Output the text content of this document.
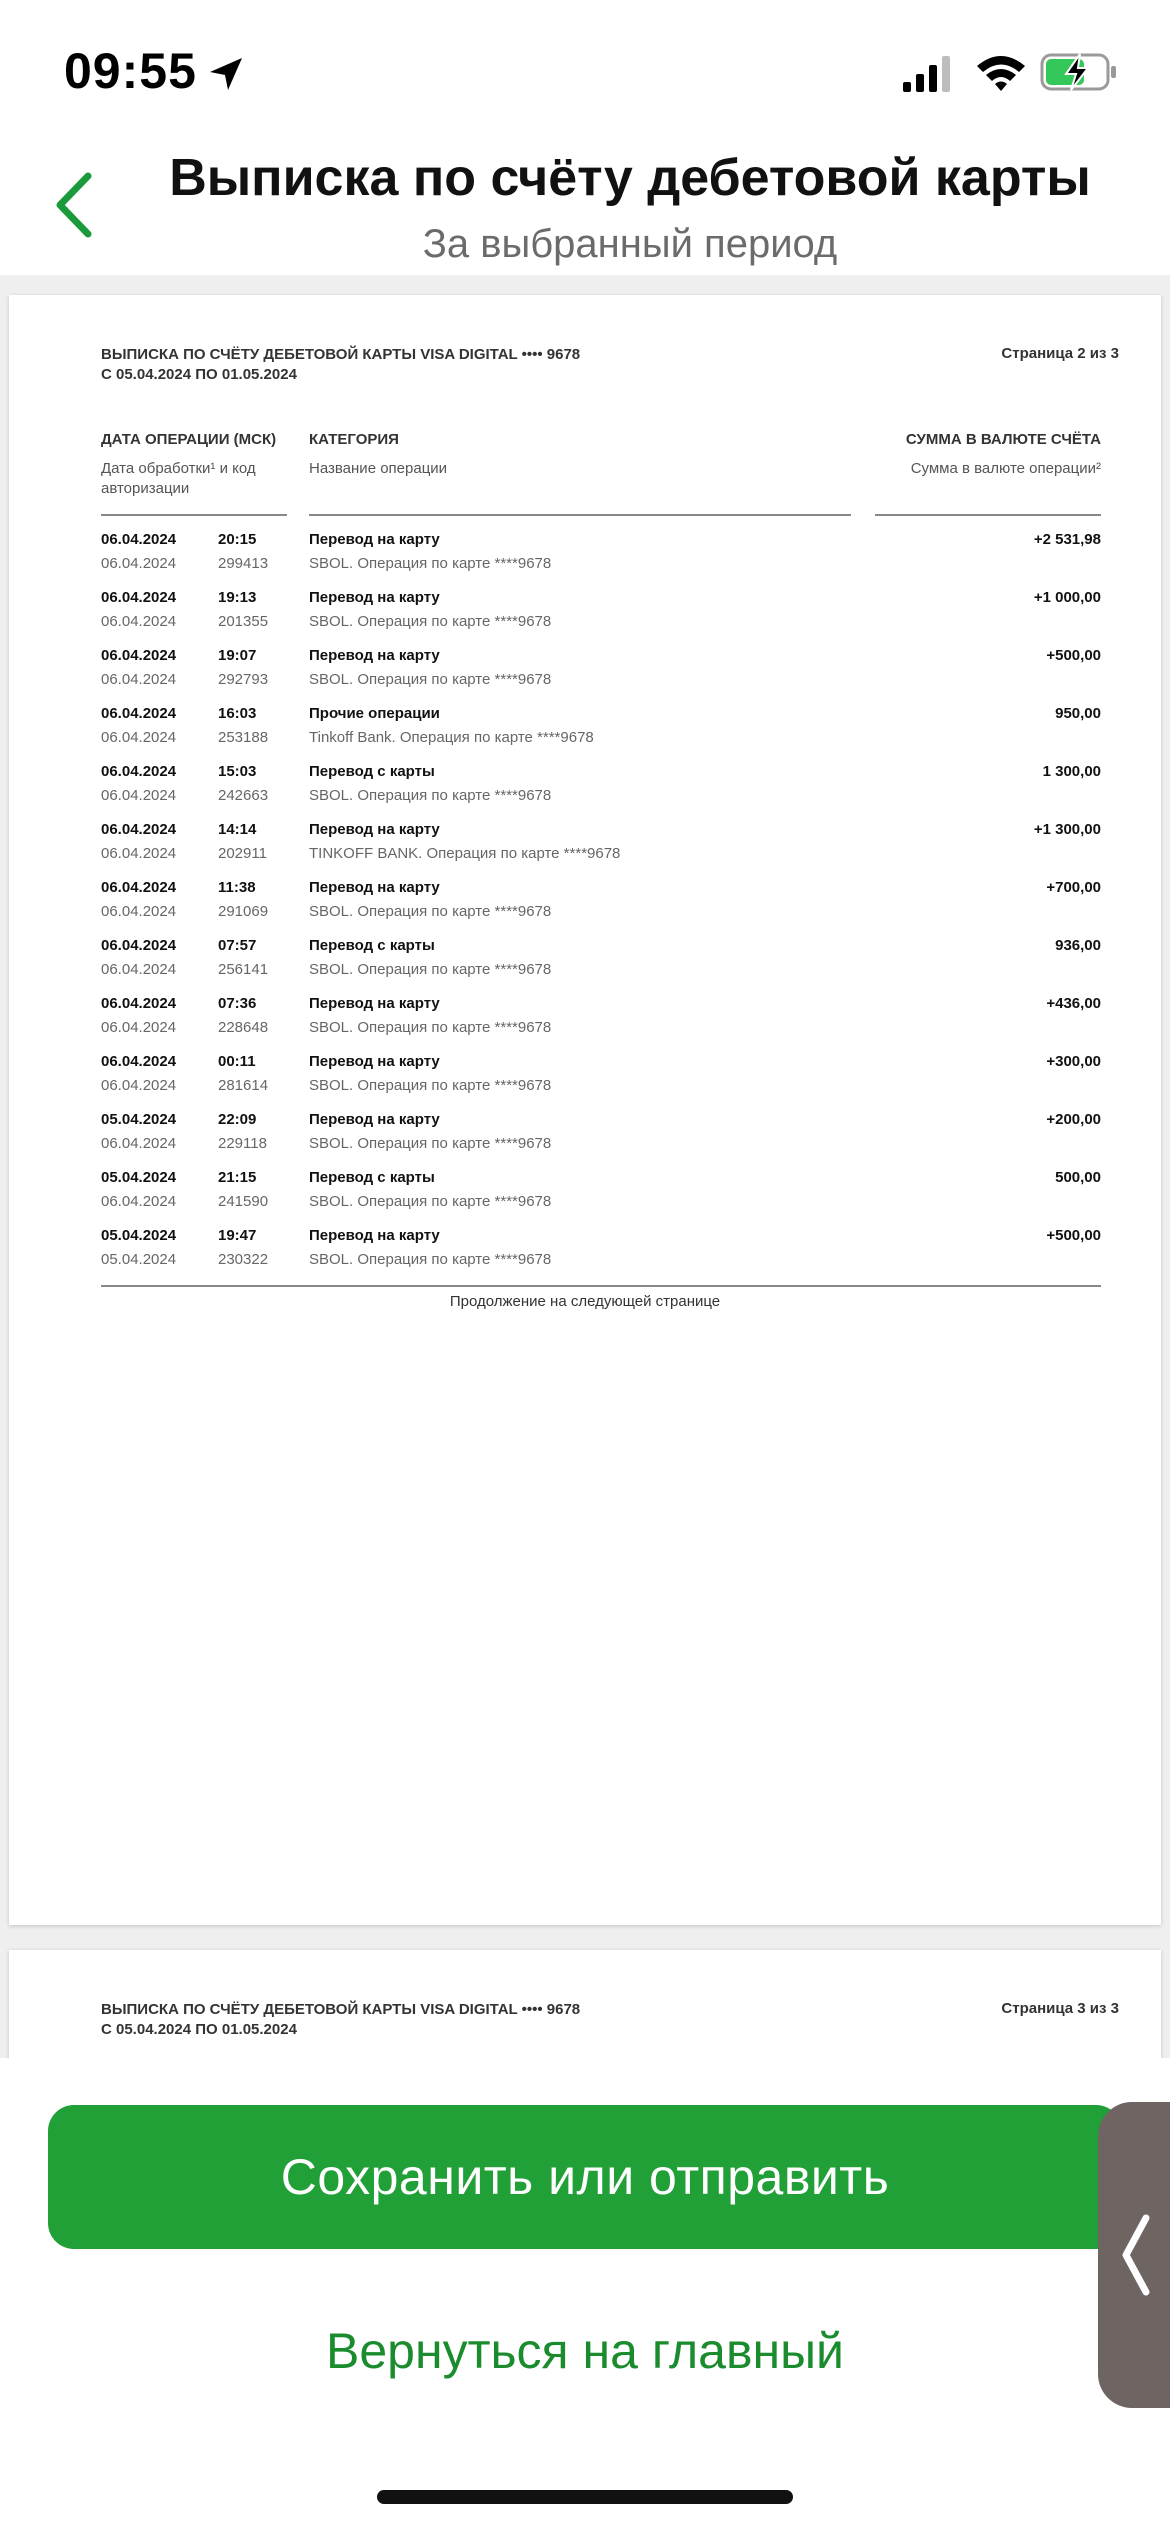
09:55
Выписка по счёту дебетовой карты
За выбранный период
ВЫПИСКА ПО СЧЁТУ ДЕБЕТОВОЙ КАРТЫ VISA DIGITAL •••• 9678
С 05.04.2024 ПО 01.05.2024
Страница 2 из 3
ДАТА ОПЕРАЦИИ (МСК)
Дата обработки¹ и код авторизации
КАТЕГОРИЯ
Название операции
СУММА В ВАЛЮТЕ СЧЁТА
Сумма в валюте операции²
06.04.2024	20:15	Перевод на карту	+2 531,98
06.04.2024	299413	SBOL. Операция по карте ****9678
06.04.2024	19:13	Перевод на карту	+1 000,00
06.04.2024	201355	SBOL. Операция по карте ****9678
06.04.2024	19:07	Перевод на карту	+500,00
06.04.2024	292793	SBOL. Операция по карте ****9678
06.04.2024	16:03	Прочие операции	950,00
06.04.2024	253188	Tinkoff Bank. Операция по карте ****9678
06.04.2024	15:03	Перевод с карты	1 300,00
06.04.2024	242663	SBOL. Операция по карте ****9678
06.04.2024	14:14	Перевод на карту	+1 300,00
06.04.2024	202911	TINKOFF BANK. Операция по карте ****9678
06.04.2024	11:38	Перевод на карту	+700,00
06.04.2024	291069	SBOL. Операция по карте ****9678
06.04.2024	07:57	Перевод с карты	936,00
06.04.2024	256141	SBOL. Операция по карте ****9678
06.04.2024	07:36	Перевод на карту	+436,00
06.04.2024	228648	SBOL. Операция по карте ****9678
06.04.2024	00:11	Перевод на карту	+300,00
06.04.2024	281614	SBOL. Операция по карте ****9678
05.04.2024	22:09	Перевод на карту	+200,00
06.04.2024	229118	SBOL. Операция по карте ****9678
05.04.2024	21:15	Перевод с карты	500,00
06.04.2024	241590	SBOL. Операция по карте ****9678
05.04.2024	19:47	Перевод на карту	+500,00
05.04.2024	230322	SBOL. Операция по карте ****9678
Продолжение на следующей странице
ВЫПИСКА ПО СЧЁТУ ДЕБЕТОВОЙ КАРТЫ VISA DIGITAL •••• 9678
С 05.04.2024 ПО 01.05.2024
Страница 3 из 3
Сохранить или отправить
Вернуться на главный
